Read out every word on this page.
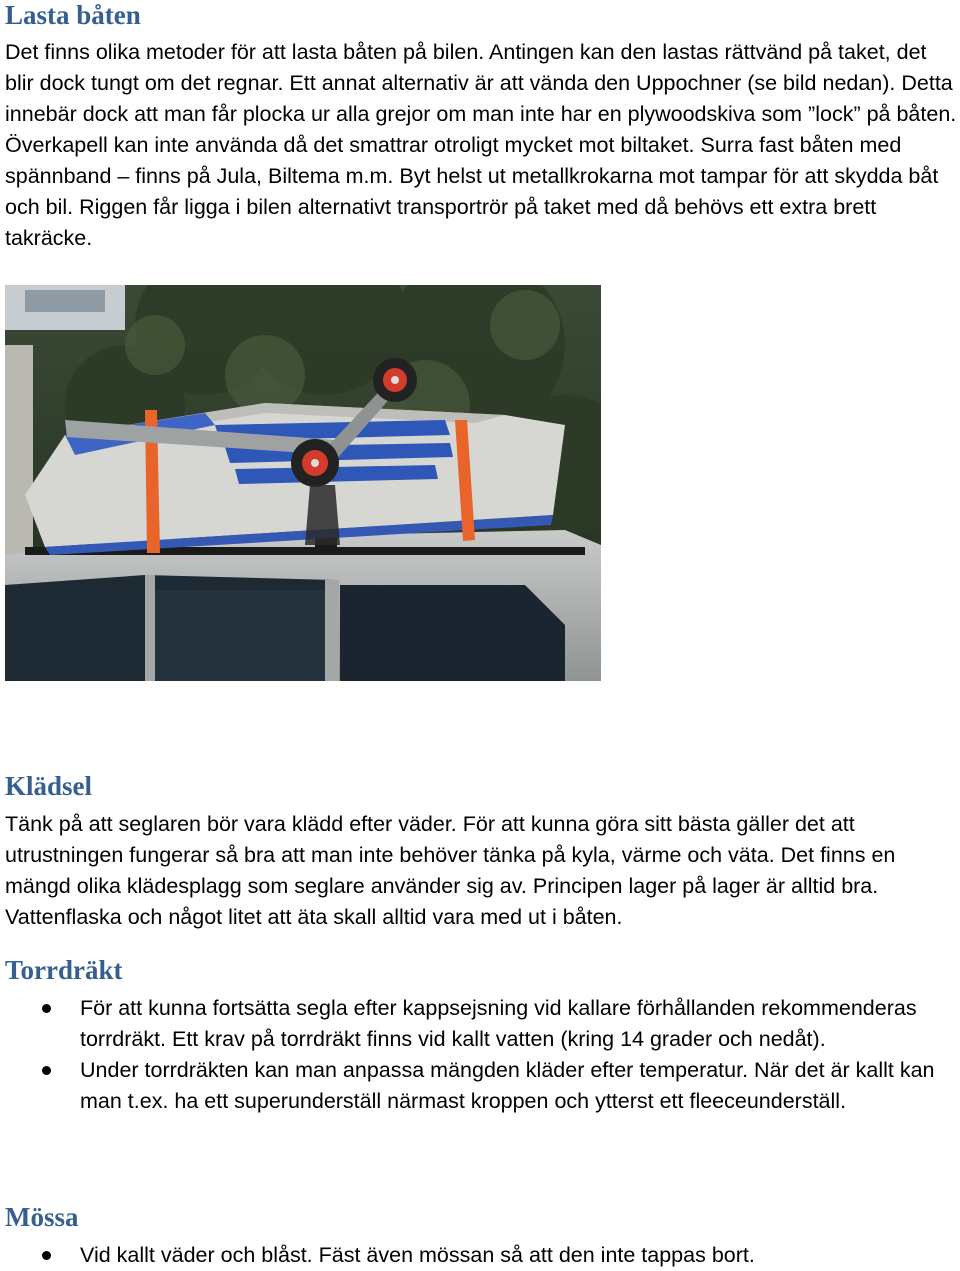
Lasta båten

Det finns olika metoder för att lasta båten på bilen. Antingen kan den lastas rättvänd på taket, det blir dock tungt om det regnar. Ett annat alternativ är att vända den Uppochner (se bild nedan). Detta innebär dock att man får plocka ur alla grejor om man inte har en plywoodskiva som ”lock” på båten. Överkapell kan inte använda då det smattrar otroligt mycket mot biltaket. Surra fast båten med spännband – finns på Jula, Biltema m.m. Byt helst ut metallkrokarna mot tampar för att skydda båt och bil. Riggen får ligga i bilen alternativt transportrör på taket med då behövs ett extra brett takräcke.

Klädsel

Tänk på att seglaren bör vara klädd efter väder. För att kunna göra sitt bästa gäller det att utrustningen fungerar så bra att man inte behöver tänka på kyla, värme och väta. Det finns en mängd olika klädesplagg som seglare använder sig av. Principen lager på lager är alltid bra. Vattenflaska och något litet att äta skall alltid vara med ut i båten.

Torrdräkt
För att kunna fortsätta segla efter kappsejsning vid kallare förhållanden rekommenderas torrdräkt. Ett krav på torrdräkt finns vid kallt vatten (kring 14 grader och nedåt).
Under torrdräkten kan man anpassa mängden kläder efter temperatur. När det är kallt kan man t.ex. ha ett superunderställ närmast kroppen och ytterst ett fleeceunderställ.
Mössa
Vid kallt väder och blåst. Fäst även mössan så att den inte tappas bort.
